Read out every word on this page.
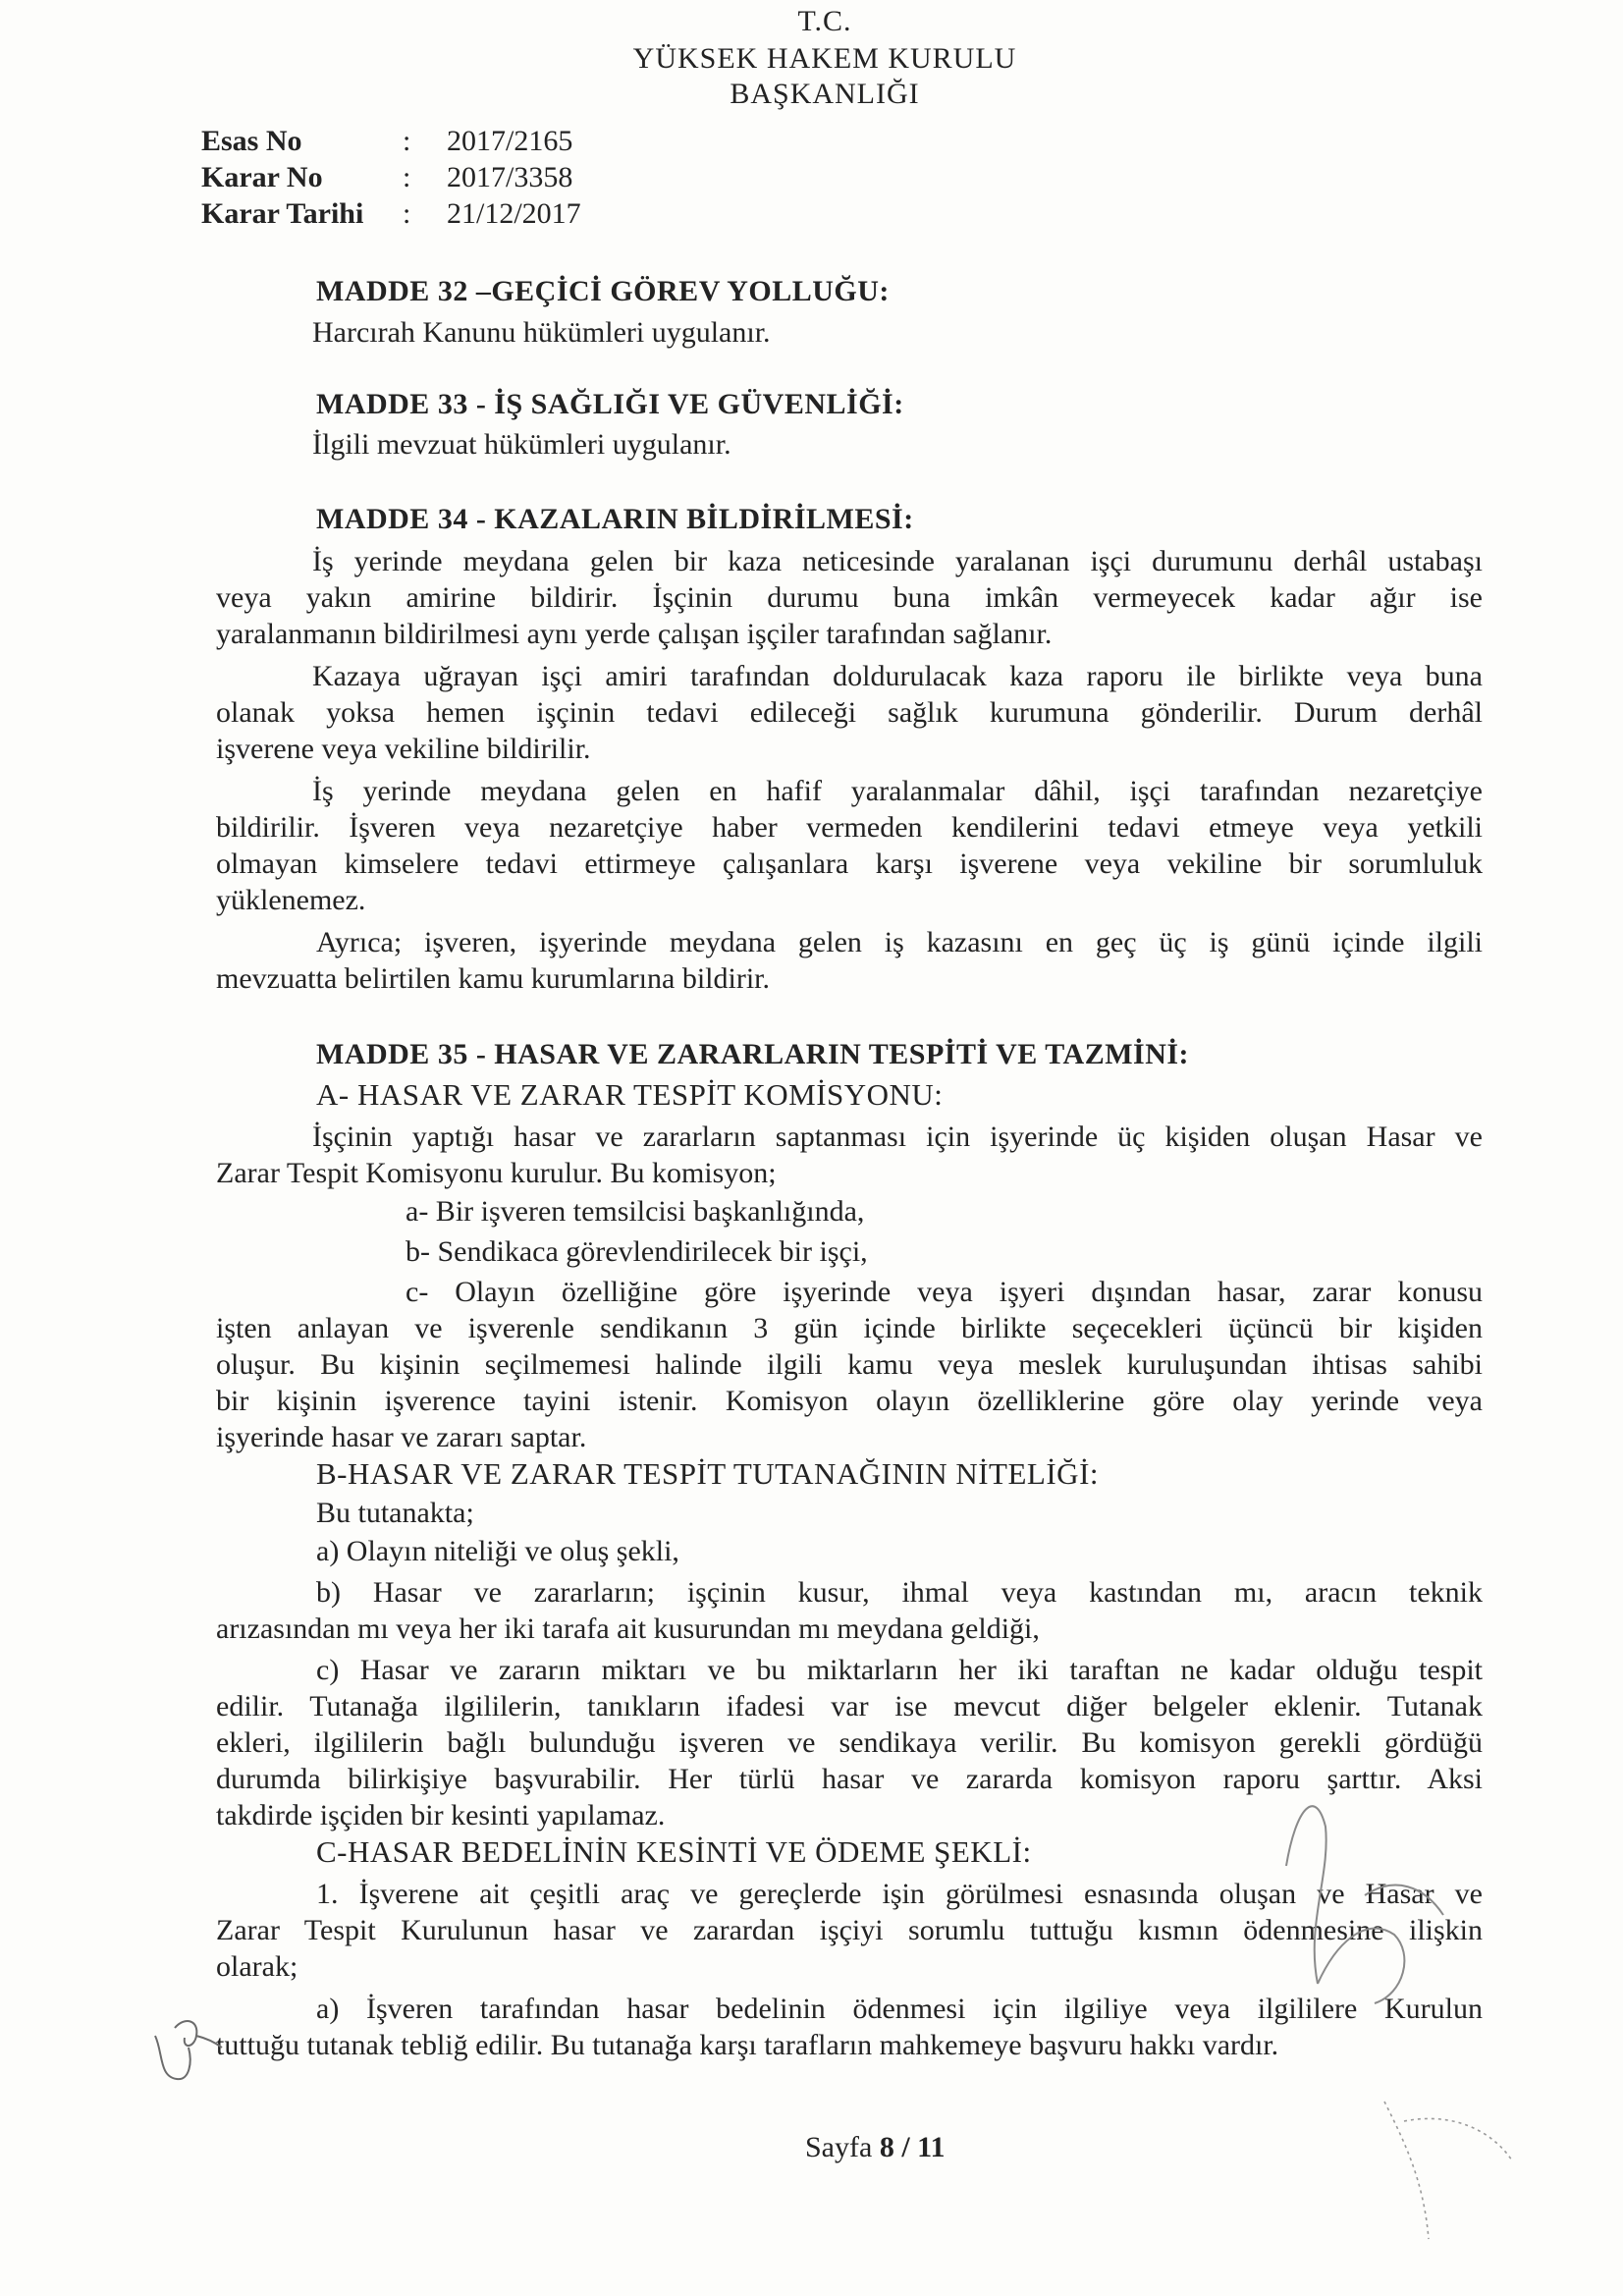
T.C.
YÜKSEK HAKEM KURULU
BAŞKANLIĞI
Esas No	: 2017/2165
Karar No	: 2017/3358
Karar Tarihi : 21/12/2017
MADDE 32 –GEÇİCİ GÖREV YOLLUĞU:
Harcırah Kanunu hükümleri uygulanır.
MADDE 33 - İŞ SAĞLIĞI VE GÜVENLİĞİ:
İlgili mevzuat hükümleri uygulanır.
MADDE 34 - KAZALARIN BİLDİRİLMESİ:
İş yerinde meydana gelen bir kaza neticesinde yaralanan işçi durumunu derhâl ustabaşı
veya yakın amirine bildirir. İşçinin durumu buna imkân vermeyecek kadar ağır ise
yaralanmanın bildirilmesi aynı yerde çalışan işçiler tarafından sağlanır.
Kazaya uğrayan işçi amiri tarafından doldurulacak kaza raporu ile birlikte veya buna
olanak yoksa hemen işçinin tedavi edileceği sağlık kurumuna gönderilir. Durum derhâl
işverene veya vekiline bildirilir.
İş yerinde meydana gelen en hafif yaralanmalar dâhil, işçi tarafından nezaretçiye
bildirilir. İşveren veya nezaretçiye haber vermeden kendilerini tedavi etmeye veya yetkili
olmayan kimselere tedavi ettirmeye çalışanlara karşı işverene veya vekiline bir sorumluluk
yüklenemez.
Ayrıca; işveren, işyerinde meydana gelen iş kazasını en geç üç iş günü içinde ilgili
mevzuatta belirtilen kamu kurumlarına bildirir.
MADDE 35 - HASAR VE ZARARLARIN TESPİTİ VE TAZMİNİ:
A- HASAR VE ZARAR TESPİT KOMİSYONU:
İşçinin yaptığı hasar ve zararların saptanması için işyerinde üç kişiden oluşan Hasar ve
Zarar Tespit Komisyonu kurulur. Bu komisyon;
a- Bir işveren temsilcisi başkanlığında,
b- Sendikaca görevlendirilecek bir işçi,
c- Olayın özelliğine göre işyerinde veya işyeri dışından hasar, zarar konusu
işten anlayan ve işverenle sendikanın 3 gün içinde birlikte seçecekleri üçüncü bir kişiden
oluşur. Bu kişinin seçilmemesi halinde ilgili kamu veya meslek kuruluşundan ihtisas sahibi
bir kişinin işverence tayini istenir. Komisyon olayın özelliklerine göre olay yerinde veya
işyerinde hasar ve zararı saptar.
B-HASAR VE ZARAR TESPİT TUTANAĞININ NİTELİĞİ:
Bu tutanakta;
a) Olayın niteliği ve oluş şekli,
b) Hasar ve zararların; işçinin kusur, ihmal veya kastından mı, aracın teknik
arızasından mı veya her iki tarafa ait kusurundan mı meydana geldiği,
c) Hasar ve zararın miktarı ve bu miktarların her iki taraftan ne kadar olduğu tespit
edilir. Tutanağa ilgililerin, tanıkların ifadesi var ise mevcut diğer belgeler eklenir. Tutanak
ekleri, ilgililerin bağlı bulunduğu işveren ve sendikaya verilir. Bu komisyon gerekli gördüğü
durumda bilirkişiye başvurabilir. Her türlü hasar ve zararda komisyon raporu şarttır. Aksi
takdirde işçiden bir kesinti yapılamaz.
C-HASAR BEDELİNİN KESİNTİ VE ÖDEME ŞEKLİ:
1. İşverene ait çeşitli araç ve gereçlerde işin görülmesi esnasında oluşan ve Hasar ve
Zarar Tespit Kurulunun hasar ve zarardan işçiyi sorumlu tuttuğu kısmın ödenmesine ilişkin
olarak;
a) İşveren tarafından hasar bedelinin ödenmesi için ilgiliye veya ilgililere Kurulun
tuttuğu tutanak tebliğ edilir. Bu tutanağa karşı tarafların mahkemeye başvuru hakkı vardır.
Sayfa 8 / 11
